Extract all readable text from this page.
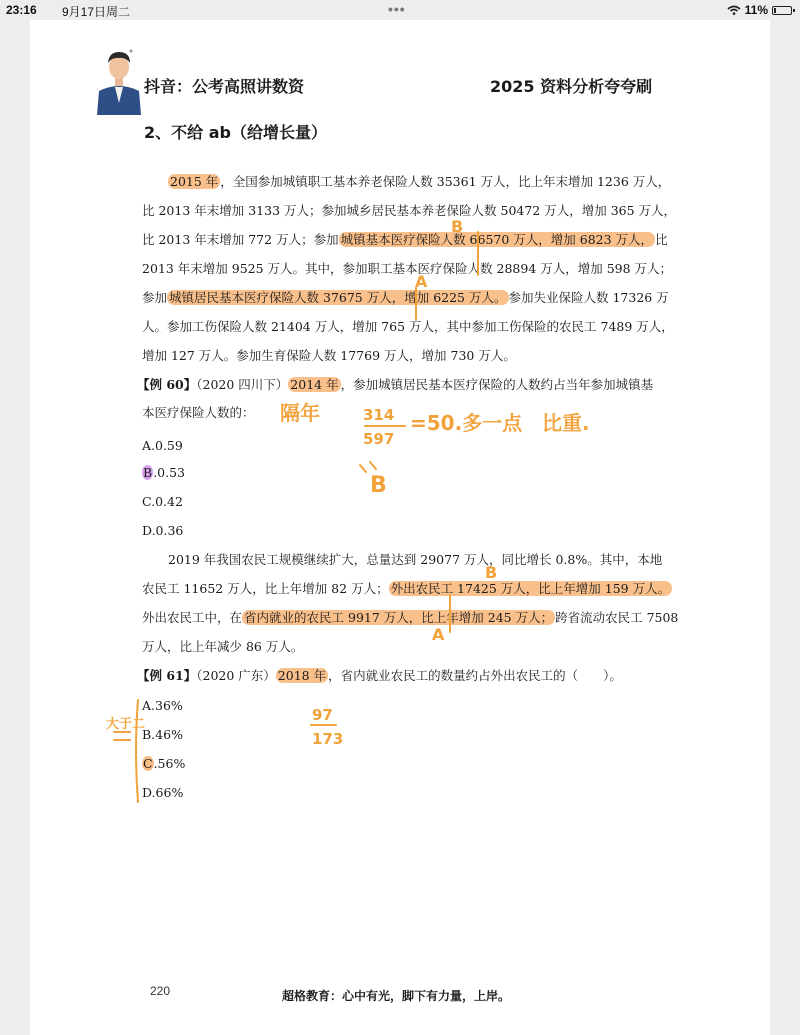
23:16 9月17日周二	•••	11%
抖音：公考高照讲数资	2025 资料分析夸夸刷
2、不给 ab（给增长量）
2015 年 ，全国参加城镇职工基本养老保险人数 35361 万人，比上年末增加 1236 万人，
比 2013 年末增加 3133 万人；参加城乡居民基本养老保险人数 50472 万人，增加 365 万人，
比 2013 年末增加 772 万人；参加 城镇基本医疗保险人数 66570 万人，增加 6823 万人， 比
2013 年末增加 9525 万人。其中，参加职工基本医疗保险人数 28894 万人，增加 598 万人；
参加 城镇居民基本医疗保险人数 37675 万人，增加 6225 万人。 参加失业保险人数 17326 万
人。参加工伤保险人数 21404 万人，增加 765 万人，其中参加工伤保险的农民工 7489 万人，
增加 127 万人。参加生育保险人数 17769 万人，增加 730 万人。
【例 60】（2020 四川下） 2014 年 ，参加城镇居民基本医疗保险的人数约占当年参加城镇基
本医疗保险人数的：
A.0.59
B.0.53
C.0.42
D.0.36
2019 年我国农民工规模继续扩大，总量达到 29077 万人，同比增长 0.8%。其中，本地
农民工 11652 万人，比上年增加 82 万人； 外出农民工 17425 万人，比上年增加 159 万人。
外出农民工中，在 省内就业的农民工 9917 万人，比上年增加 245 万人； 跨省流动农民工 7508
万人，比上年减少 86 万人。
【例 61】（2020 广东） 2018 年 ，省内就业农民工的数量约占外出农民工的（　　）。
A.36%
B.46%
C.56%
D.66%
220	超格教育：心中有光，脚下有力量，上岸。
隔年	314
597
=50.多一点 比重.
B
97
173
大于二
B
A
B
A
